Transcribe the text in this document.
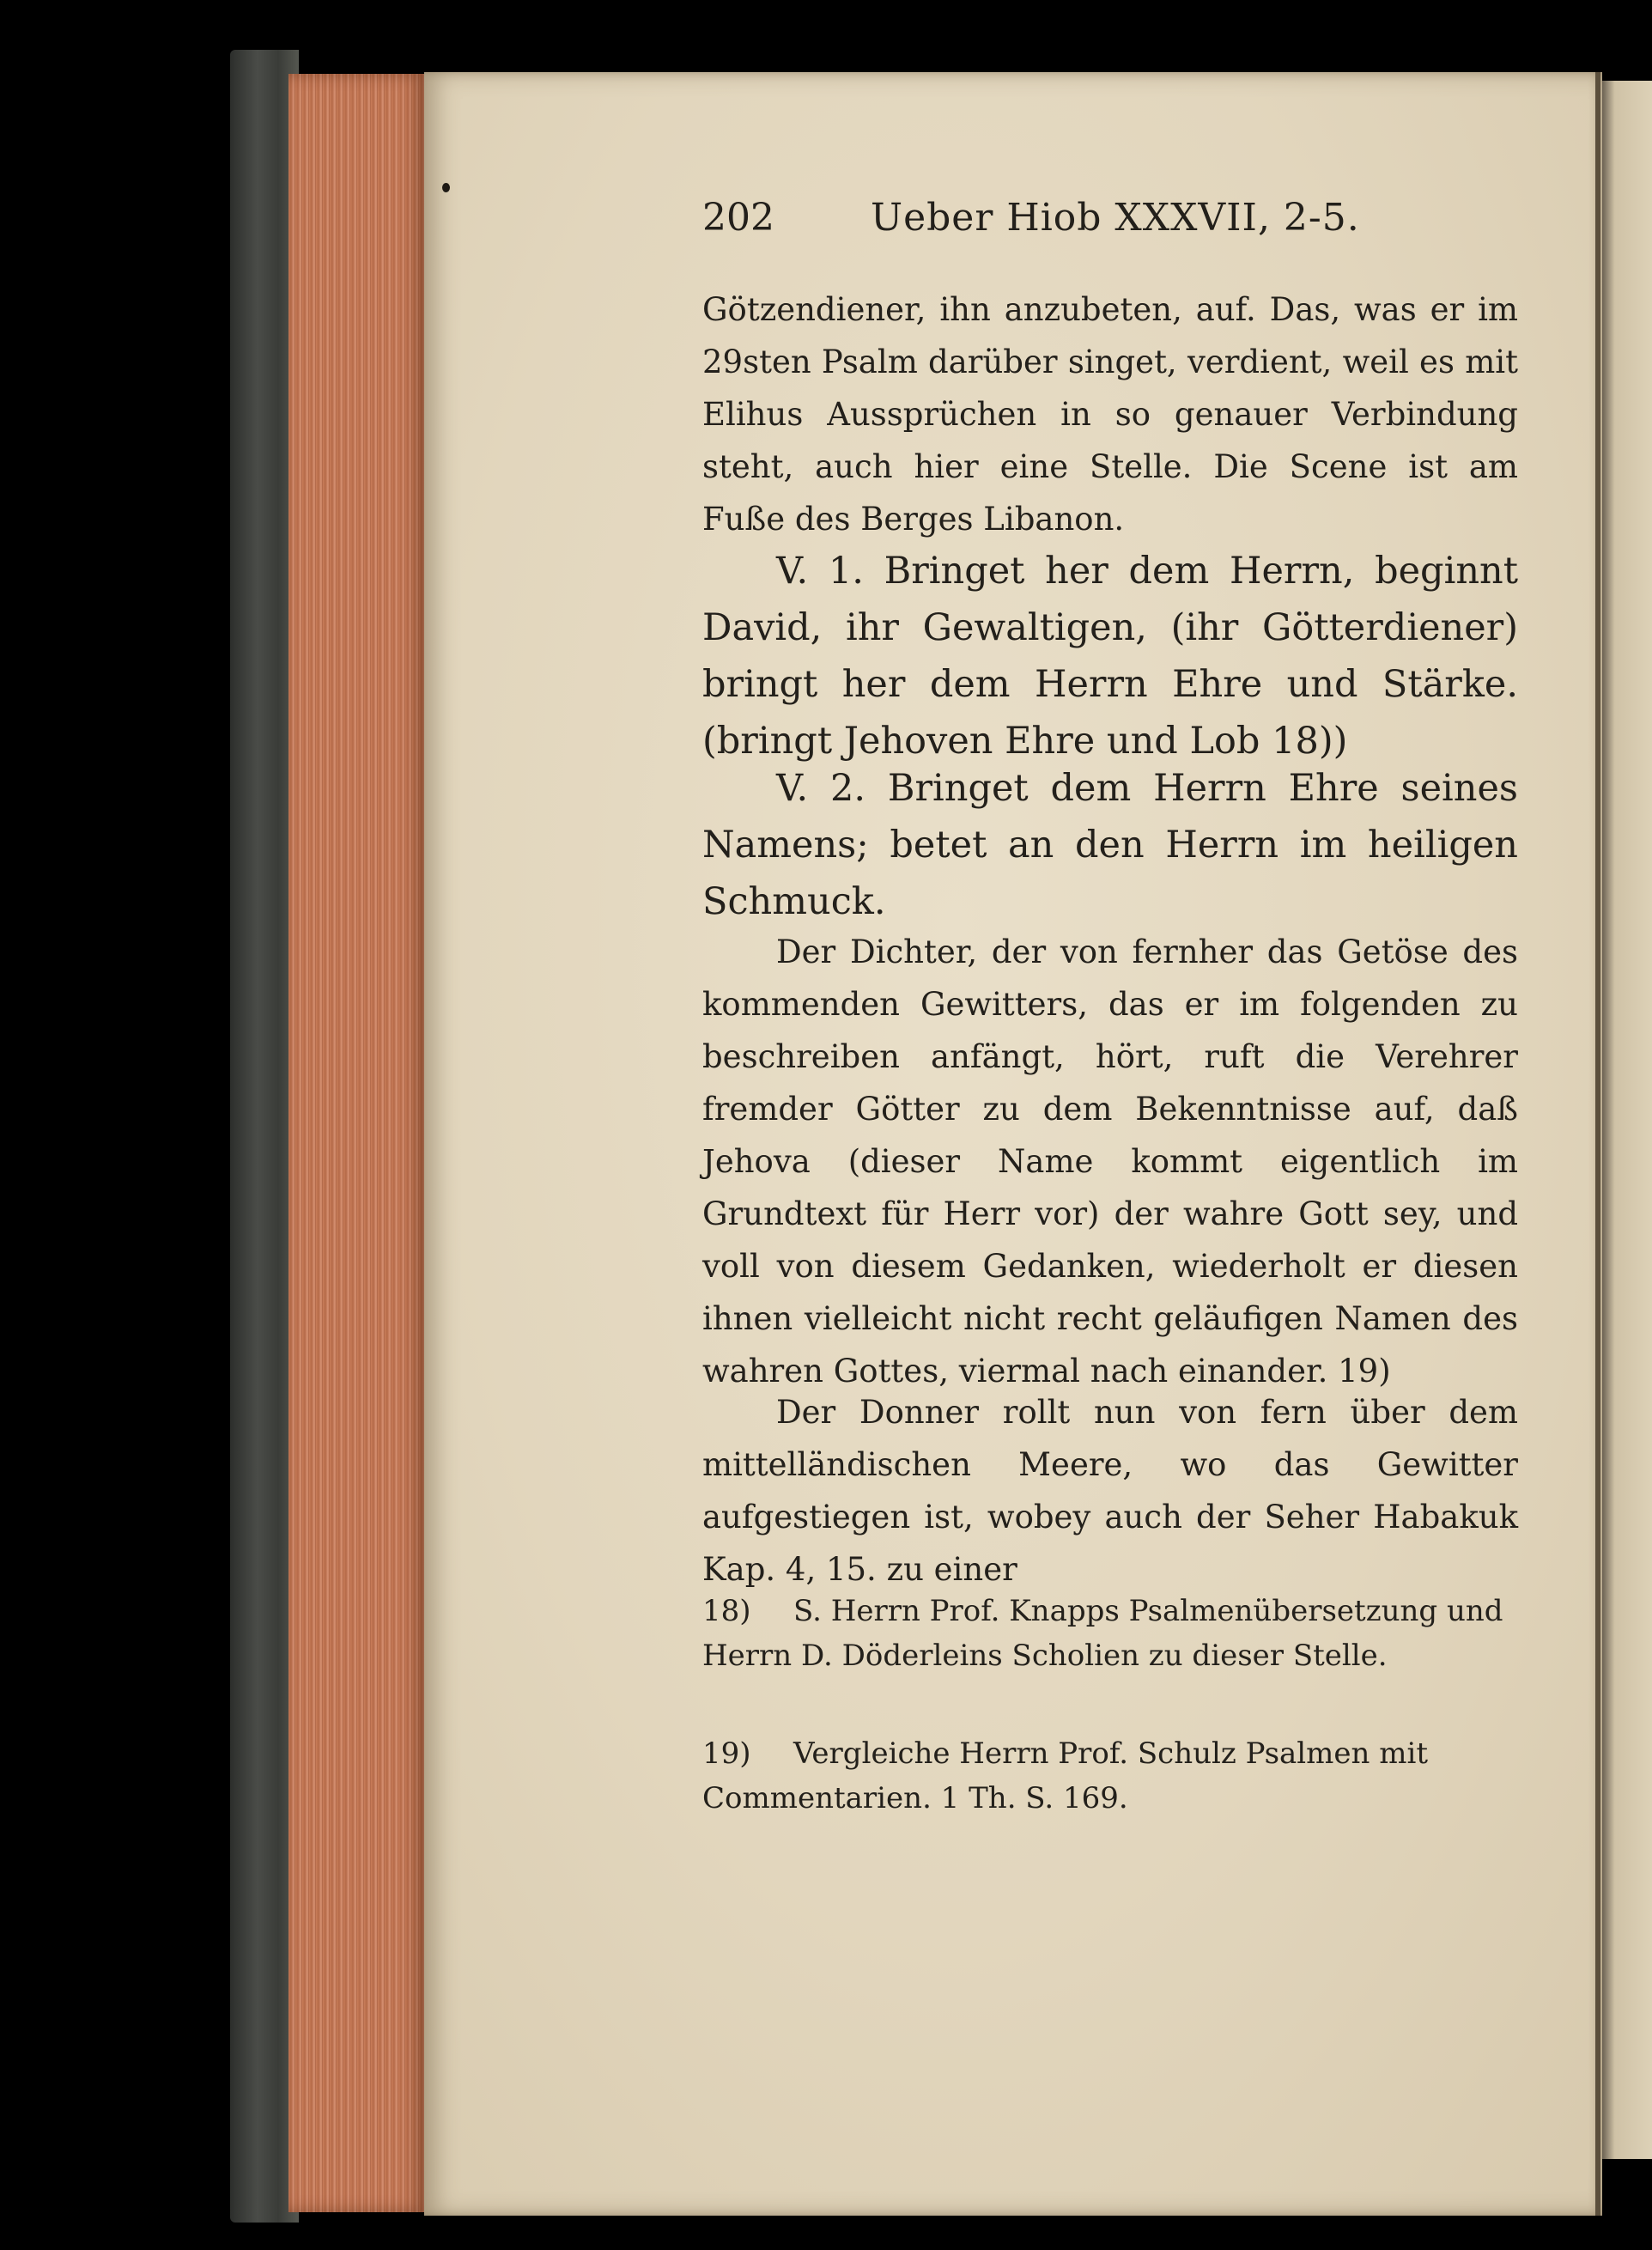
202	Ueber Hiob XXXVII, 2-5.

Götzendiener, ihn anzubeten, auf. Das, was er im 29sten Psalm darüber singet, verdient, weil es mit Elihus Aussprüchen in so genauer Verbindung steht, auch hier eine Stelle. Die Scene ist am Fuße des Berges Libanon.

V. 1. Bringet her dem Herrn, beginnt David, ihr Gewaltigen, (ihr Götterdiener) bringt her dem Herrn Ehre und Stärke. (bringt Jehoven Ehre und Lob 18))

V. 2. Bringet dem Herrn Ehre seines Namens; betet an den Herrn im heiligen Schmuck.

Der Dichter, der von fernher das Getöse des kommenden Gewitters, das er im folgenden zu beschreiben anfängt, hört, ruft die Verehrer fremder Götter zu dem Bekenntnisse auf, daß Jehova (dieser Name kommt eigentlich im Grundtext für Herr vor) der wahre Gott sey, und voll von diesem Gedanken, wiederholt er diesen ihnen vielleicht nicht recht geläufigen Namen des wahren Gottes, viermal nach einander. 19)

Der Donner rollt nun von fern über dem mittelländischen Meere, wo das Gewitter aufgestiegen ist, wobey auch der Seher Habakuk Kap. 4, 15. zu einer

18) S. Herrn Prof. Knapps Psalmenübersetzung und Herrn D. Döderleins Scholien zu dieser Stelle.
19) Vergleiche Herrn Prof. Schulz Psalmen mit Commentarien. 1 Th. S. 169.
